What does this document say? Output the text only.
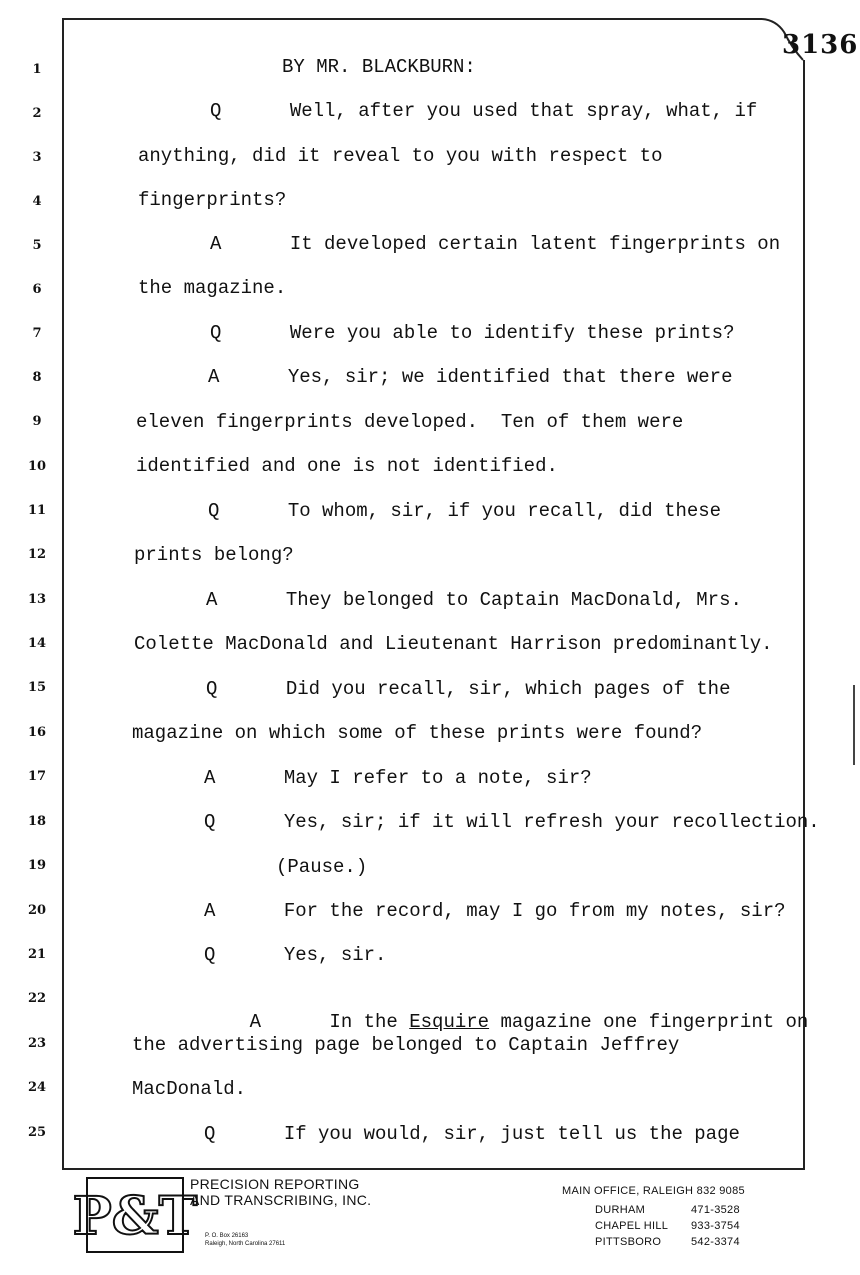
3136
1
2
3
4
5
6
7
8
9
10
11
12
13
14
15
16
17
18
19
20
21
22
23
24
25
BY MR. BLACKBURN:
Q      Well, after you used that spray, what, if
anything, did it reveal to you with respect to
fingerprints?
A      It developed certain latent fingerprints on
the magazine.
Q      Were you able to identify these prints?
A      Yes, sir; we identified that there were
eleven fingerprints developed.  Ten of them were
identified and one is not identified.
Q      To whom, sir, if you recall, did these
prints belong?
A      They belonged to Captain MacDonald, Mrs.
Colette MacDonald and Lieutenant Harrison predominantly.
Q      Did you recall, sir, which pages of the
magazine on which some of these prints were found?
A      May I refer to a note, sir?
Q      Yes, sir; if it will refresh your recollection.
(Pause.)
A      For the record, may I go from my notes, sir?
Q      Yes, sir.

A      In the Esquire magazine one fingerprint on

the advertising page belonged to Captain Jeffrey
MacDonald.
Q      If you would, sir, just tell us the page
P&T
PRECISION REPORTING
AND TRANSCRIBING, INC.
P. O. Box 26163
Raleigh, North Carolina 27611
MAIN OFFICE, RALEIGH 832 9085
DURHAM	471-3528
CHAPEL HILL	933-3754
PITTSBORO	542-3374
